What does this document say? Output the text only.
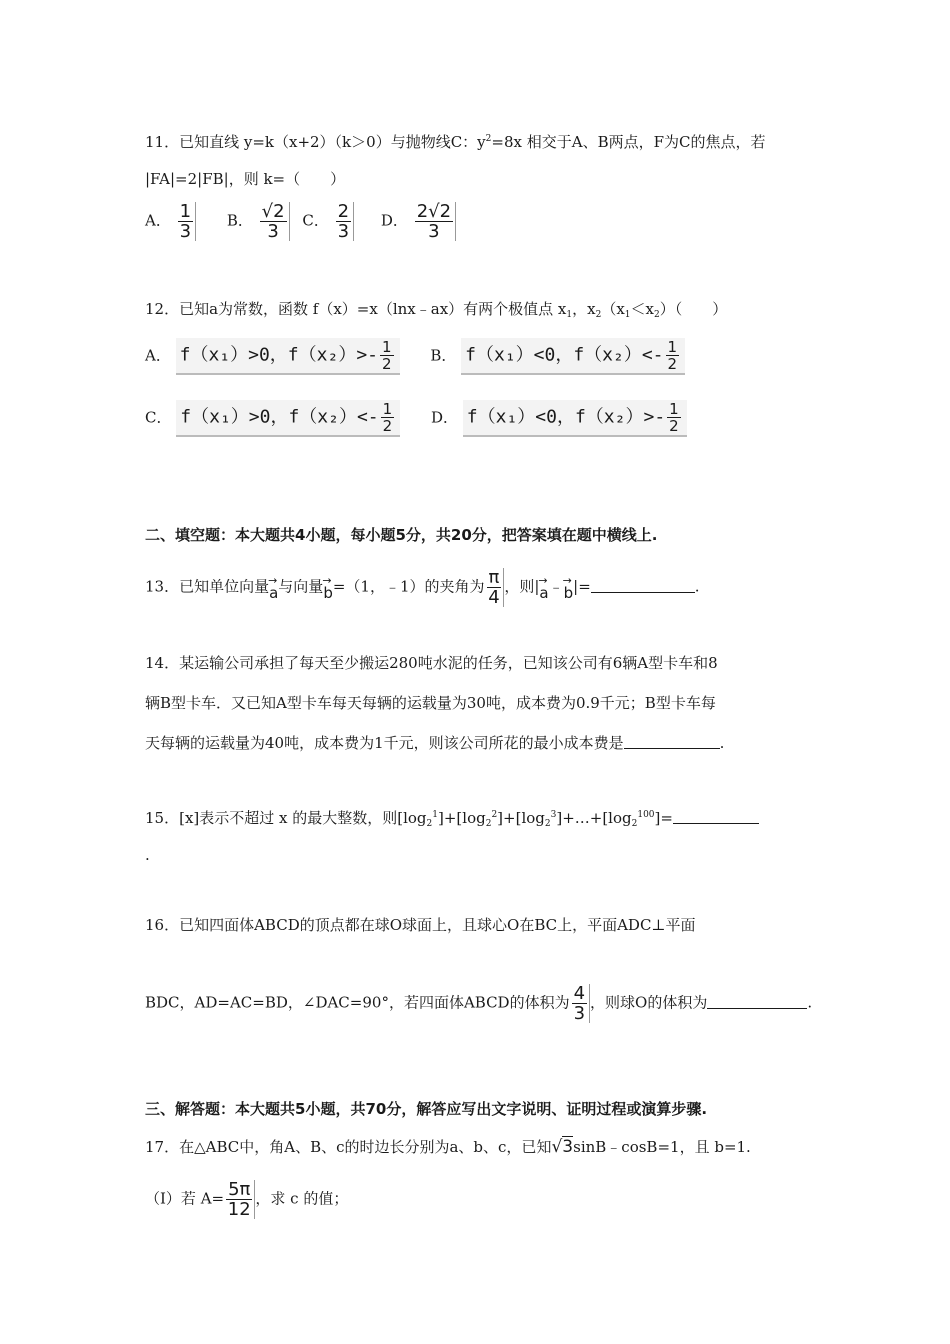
11．已知直线 y=k（x+2）（k＞0）与抛物线C：$y^2=8x$ 相交于A、B两点，F为C的焦点，若
|FA|=2|FB|，则 k=（　　）
A． $\frac{1}{3}$ B． $\frac{√2}{3}$ C． $\frac{2}{3}$ D． $\frac{2√2}{3}$
12．已知a为常数，函数 f（x）=x（lnx﹣ax）有两个极值点 $x_1$，$x_2(x_1<x_2)$（　　）
A． f（x₁）>0，$f(x_2)>- \frac{1}{2}$ B． f（x₁）<0，$f(x_2)<- \frac{1}{2}$
C． f（x₁）>0，$f(x_2)<- \frac{1}{2}$ D． f（x₁）<0，$f(x_2)>- \frac{1}{2}$
二、填空题：本大题共4小题，每小题5分，共20分，把答案填在题中横线上.
13．已知单位向量→ a与向量→ b=（1，﹣1）的夹角为 $\frac{\pi}{4}$ ，则|→ a﹣→ b|=	.
14．某运输公司承担了每天至少搬运280吨水泥的任务，已知该公司有6辆A型卡车和8
辆B型卡车．又已知A型卡车每天每辆的运载量为30吨，成本费为0.9千元；B型卡车每
天每辆的运载量为40吨，成本费为1千元，则该公司所花的最小成本费是	.
15．[x]表示不超过 x 的最大整数，则$[\log_2^1]+[\log_2^2]+[\log_2^3]+\dots+[\log_2^{100}]=$
.
16．已知四面体ABCD的顶点都在球O球面上，且球心O在BC上，平面ADC⊥平面
BDC，AD=AC=BD，∠DAC=90°，若四面体ABCD的体积为 $\frac{4}{3}$ ，则球O的体积为	.
三、解答题：本大题共5小题，共70分，解答应写出文字说明、证明过程或演算步骤.
17．在△ABC中，角A、B、c的时边长分别为a、b、c，已知√3sinB﹣cosB=1，且 b=1.
（Ⅰ）若 $A= \frac{5\pi}{12}$ ，求 c 的值；
